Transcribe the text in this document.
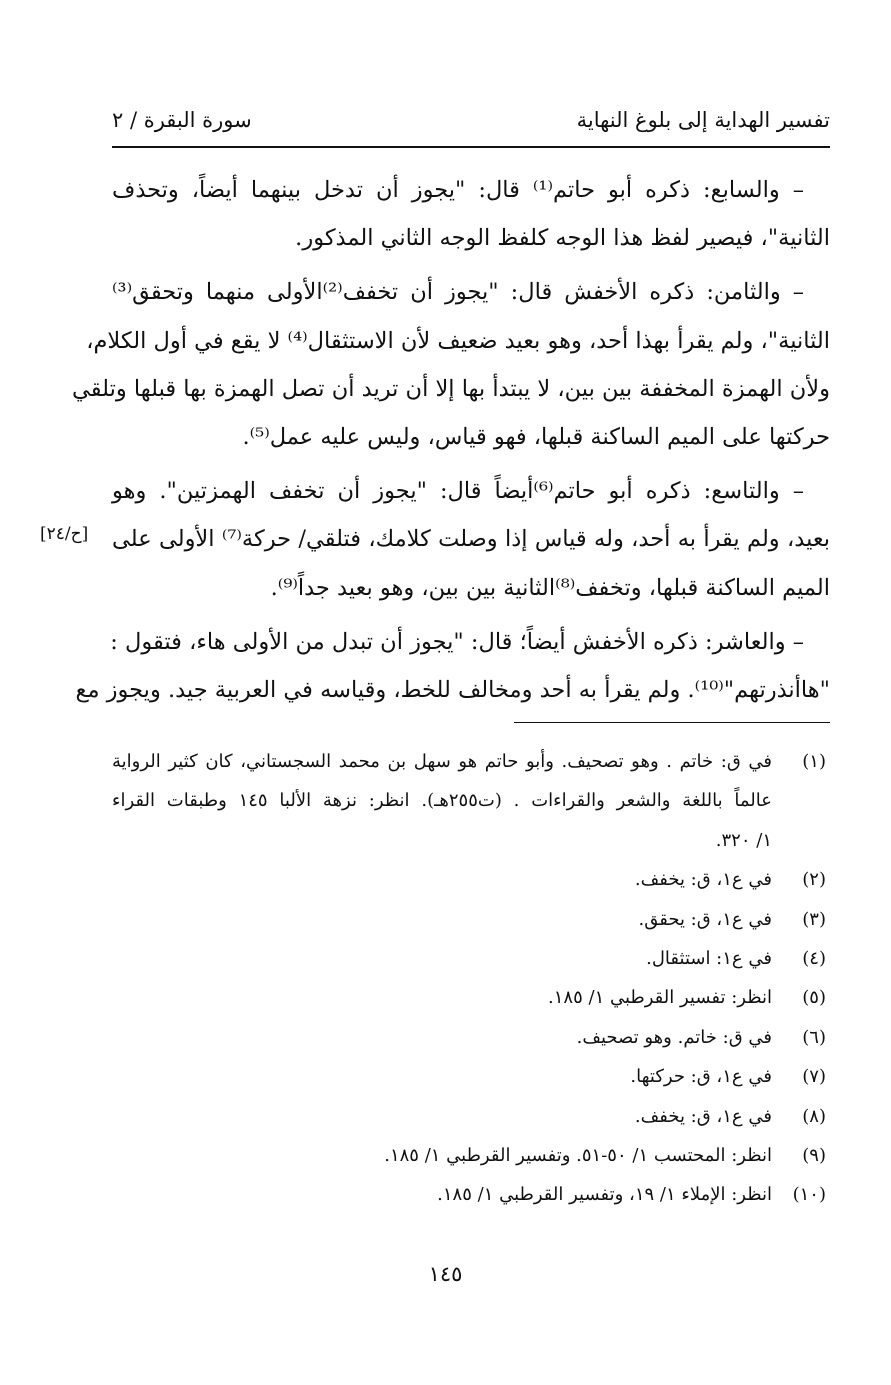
تفسير الهداية إلى بلوغ النهاية
سورة البقرة / ٢
– والسابع: ذكره أبو حاتم⁽¹⁾ قال: "يجوز أن تدخل بينهما أيضاً، وتحذف
الثانية"، فيصير لفظ هذا الوجه كلفظ الوجه الثاني المذكور.
– والثامن: ذكره الأخفش قال: "يجوز أن تخفف⁽²⁾الأولى منهما وتحقق⁽³⁾
الثانية"، ولم يقرأ بهذا أحد، وهو بعيد ضعيف لأن الاستثقال⁽⁴⁾ لا يقع في أول الكلام،
ولأن الهمزة المخففة بين بين، لا يبتدأ بها إلا أن تريد أن تصل الهمزة بها قبلها وتلقي
حركتها على الميم الساكنة قبلها، فهو قياس، وليس عليه عمل⁽⁵⁾.
– والتاسع: ذكره أبو حاتم⁽⁶⁾أيضاً قال: "يجوز أن تخفف الهمزتين". وهو
بعيد، ولم يقرأ به أحد، وله قياس إذا وصلت كلامك، فتلقي/ حركة⁽⁷⁾ الأولى على
الميم الساكنة قبلها، وتخفف⁽⁸⁾الثانية بين بين، وهو بعيد جداً⁽⁹⁾.
– والعاشر: ذكره الأخفش أيضاً؛ قال: "يجوز أن تبدل من الأولى هاء، فتقول :
"هاأنذرتهم"⁽¹⁰⁾. ولم يقرأ به أحد ومخالف للخط، وقياسه في العربية جيد. ويجوز مع
[ح/٢٤]
(١)
في ق: خاتم . وهو تصحيف. وأبو حاتم هو سهل بن محمد السجستاني، كان كثير الرواية
عالماً باللغة والشعر والقراءات . (ت٢٥٥هـ). انظر: نزهة الألبا ١٤٥ وطبقات القراء
١/ ٣٢٠.
(٢)
في ع١، ق: يخفف.
(٣)
في ع١، ق: يحقق.
(٤)
في ع١: استثقال.
(٥)
انظر: تفسير القرطبي ١/ ١٨٥.
(٦)
في ق: خاتم. وهو تصحيف.
(٧)
في ع١، ق: حركتها.
(٨)
في ع١، ق: يخفف.
(٩)
انظر: المحتسب ١/ ٥٠-٥١. وتفسير القرطبي ١/ ١٨٥.
(١٠)
انظر: الإملاء ١/ ١٩، وتفسير القرطبي ١/ ١٨٥.
١٤٥
